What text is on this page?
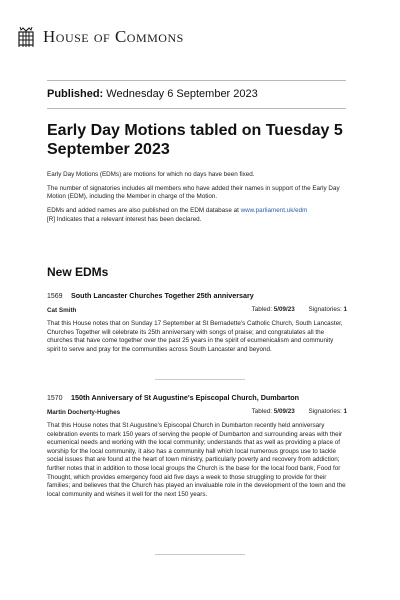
House of Commons
Published: Wednesday 6 September 2023
Early Day Motions tabled on Tuesday 5 September 2023

Early Day Motions (EDMs) are motions for which no days have been fixed.

The number of signatories includes all members who have added their names in support of the Early Day Motion (EDM), including the Member in charge of the Motion.

EDMs and added names are also published on the EDM database at www.parliament.uk/edm

[R] Indicates that a relevant interest has been declared.

New EDMs
1569	South Lancaster Churches Together 25th anniversary
Tabled: 5/09/23 Signatories: 1
Cat Smith
That this House notes that on Sunday 17 September at St Bernadette's Catholic Church, South Lancaster, Churches Together will celebrate its 25th anniversary with songs of praise; and congratulates all the churches that have come together over the past 25 years in the spirit of ecumenicalism and community spirit to serve and pray for the communities across South Lancaster and beyond.
1570	150th Anniversary of St Augustine's Episcopal Church, Dumbarton
Tabled: 5/09/23 Signatories: 1
Martin Docherty-Hughes
That this House notes that St Augustine's Episcopal Church in Dumbarton recently held anniversary celebration events to mark 150 years of serving the people of Dumbarton and surrounding areas with their ecumenical needs and working with the local community; understands that as well as providing a place of worship for the local community, it also has a community hall which local numerous groups use to tackle social issues that are found at the heart of town ministry, particularly poverty and recovery from addiction; further notes that in addition to those local groups the Church is the base for the local food bank, Food for Thought, which provides emergency food aid five days a week to those struggling to provide for their families; and believes that the Church has played an invaluable role in the development of the town and the local community and wishes it well for the next 150 years.
